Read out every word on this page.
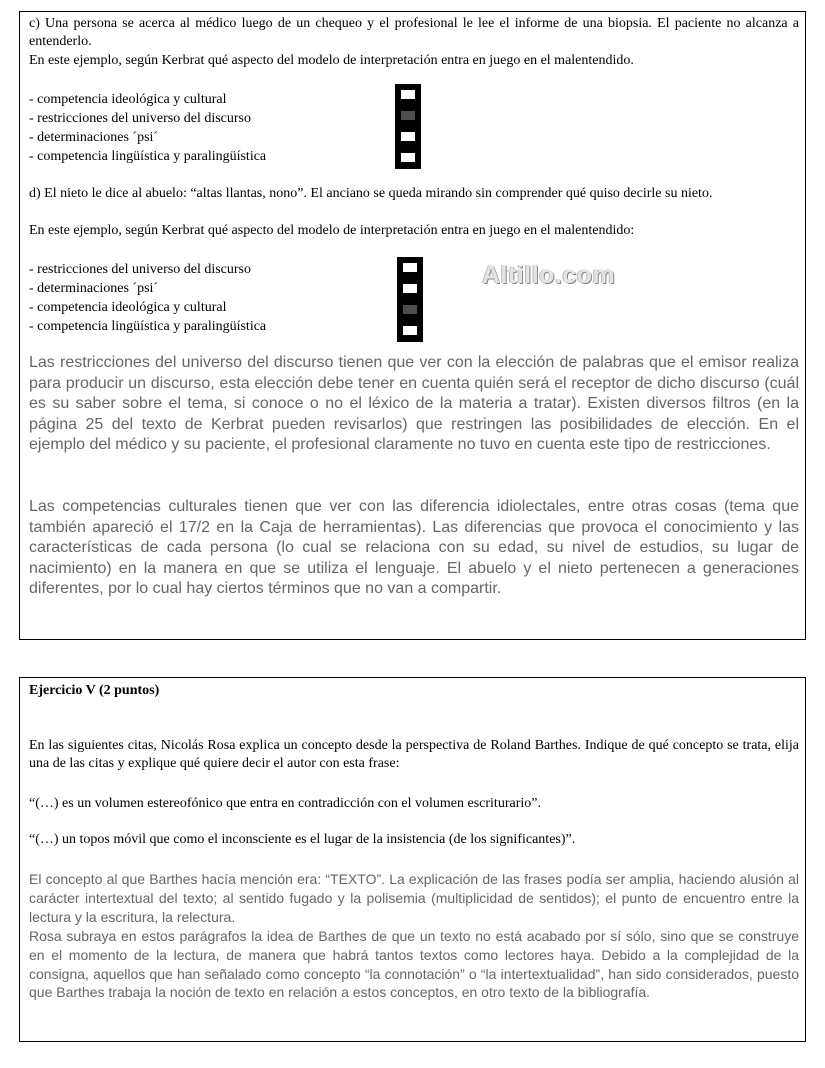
c) Una persona se acerca al médico luego de un chequeo y el profesional le lee el informe de una biopsia. El paciente no alcanza a entenderlo.

En este ejemplo, según Kerbrat qué aspecto del modelo de interpretación entra en juego en el malentendido.

- competencia ideológica y cultural
- restricciones del universo del discurso
- determinaciones ´psi´
- competencia lingüística y paralingüística

d) El nieto le dice al abuelo: “altas llantas, nono”. El anciano se queda mirando sin comprender qué quiso decirle su nieto.

En este ejemplo, según Kerbrat qué aspecto del modelo de interpretación entra en juego en el malentendido:

- restricciones del universo del discurso
- determinaciones ´psi´
- competencia ideológica y cultural
- competencia lingüística y paralingüística
Altillo.com

Las restricciones del universo del discurso tienen que ver con la elección de palabras que el emisor realiza para producir un discurso, esta elección debe tener en cuenta quién será el receptor de dicho discurso (cuál es su saber sobre el tema, si conoce o no el léxico de la materia a tratar). Existen diversos filtros (en la página 25 del texto de Kerbrat pueden revisarlos) que restringen las posibilidades de elección. En el ejemplo del médico y su paciente, el profesional claramente no tuvo en cuenta este tipo de restricciones.

Las competencias culturales tienen que ver con las diferencia idiolectales, entre otras cosas (tema que también apareció el 17/2 en la Caja de herramientas). Las diferencias que provoca el conocimiento y las características de cada persona (lo cual se relaciona con su edad, su nivel de estudios, su lugar de nacimiento) en la manera en que se utiliza el lenguaje. El abuelo y el nieto pertenecen a generaciones diferentes, por lo cual hay ciertos términos que no van a compartir.

Ejercicio V (2 puntos)

En las siguientes citas, Nicolás Rosa explica un concepto desde la perspectiva de Roland Barthes. Indique de qué concepto se trata, elija una de las citas y explique qué quiere decir el autor con esta frase:

“(…) es un volumen estereofónico que entra en contradicción con el volumen escriturario”.

“(…) un topos móvil que como el inconsciente es el lugar de la insistencia (de los significantes)”.

El concepto al que Barthes hacía mención era: “TEXTO”. La explicación de las frases podía ser amplia, haciendo alusión al carácter intertextual del texto; al sentido fugado y la polisemia (multiplicidad de sentidos); el punto de encuentro entre la lectura y la escritura, la relectura.

Rosa subraya en estos parágrafos la idea de Barthes de que un texto no está acabado por sí sólo, sino que se construye en el momento de la lectura, de manera que habrá tantos textos como lectores haya. Debido a la complejidad de la consigna, aquellos que han señalado como concepto “la connotación” o “la intertextualidad”, han sido considerados, puesto que Barthes trabaja la noción de texto en relación a estos conceptos, en otro texto de la bibliografía.
